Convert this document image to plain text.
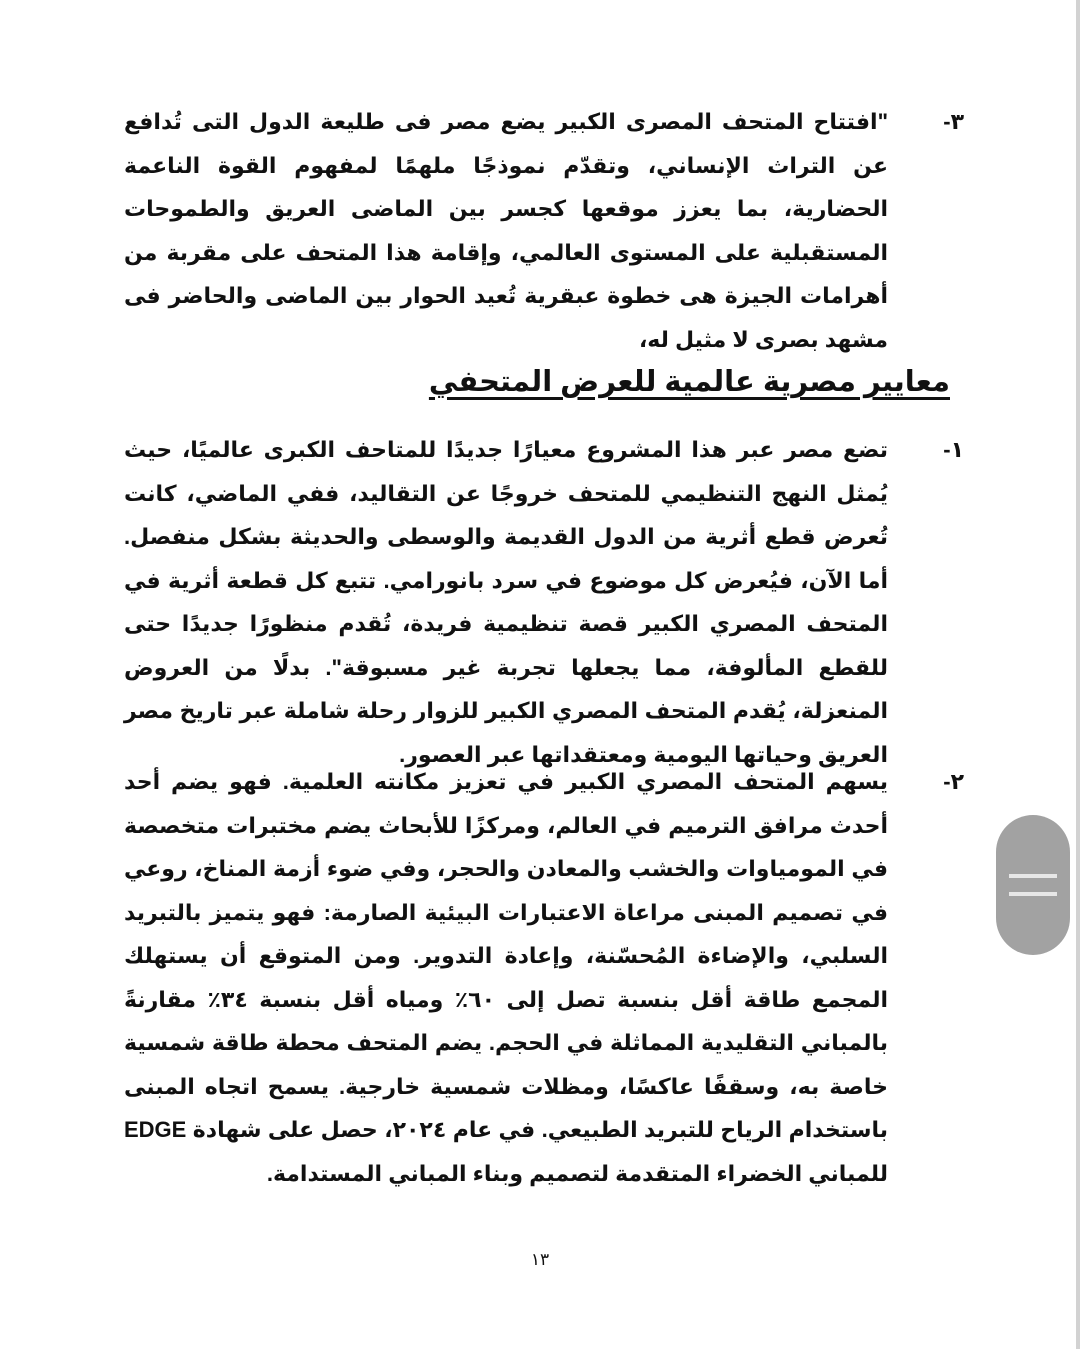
٣-
"افتتاح المتحف المصرى الكبير يضع مصر فى طليعة الدول التى تُدافع عن التراث الإنساني، وتقدّم نموذجًا ملهمًا لمفهوم القوة الناعمة الحضارية، بما يعزز موقعها كجسر بين الماضى العريق والطموحات المستقبلية على المستوى العالمي، وإقامة هذا المتحف على مقربة من أهرامات الجيزة هى خطوة عبقرية تُعيد الحوار بين الماضى والحاضر فى مشهد بصرى لا مثيل له،
معايير مصرية عالمية للعرض المتحفي
١-
تضع مصر عبر هذا المشروع معيارًا جديدًا للمتاحف الكبرى عالميًا، حيث يُمثل النهج التنظيمي للمتحف خروجًا عن التقاليد، ففي الماضي، كانت تُعرض قطع أثرية من الدول القديمة والوسطى والحديثة بشكل منفصل. أما الآن، فيُعرض كل موضوع في سرد بانورامي. تتبع كل قطعة أثرية في المتحف المصري الكبير قصة تنظيمية فريدة، تُقدم منظورًا جديدًا حتى للقطع المألوفة، مما يجعلها تجربة غير مسبوقة". بدلًا من العروض المنعزلة، يُقدم المتحف المصري الكبير للزوار رحلة شاملة عبر تاريخ مصر العريق وحياتها اليومية ومعتقداتها عبر العصور.
٢-
يسهم المتحف المصري الكبير في تعزيز مكانته العلمية. فهو يضم أحد أحدث مرافق الترميم في العالم، ومركزًا للأبحاث يضم مختبرات متخصصة في المومياوات والخشب والمعادن والحجر، وفي ضوء أزمة المناخ، روعي في تصميم المبنى مراعاة الاعتبارات البيئية الصارمة: فهو يتميز بالتبريد السلبي، والإضاءة المُحسّنة، وإعادة التدوير. ومن المتوقع أن يستهلك المجمع طاقة أقل بنسبة تصل إلى ٦٠٪ ومياه أقل بنسبة ٣٤٪ مقارنةً بالمباني التقليدية المماثلة في الحجم. يضم المتحف محطة طاقة شمسية خاصة به، وسقفًا عاكسًا، ومظلات شمسية خارجية. يسمح اتجاه المبنى باستخدام الرياح للتبريد الطبيعي. في عام ٢٠٢٤، حصل على شهادة EDGE للمباني الخضراء المتقدمة لتصميم وبناء المباني المستدامة.
١٣
